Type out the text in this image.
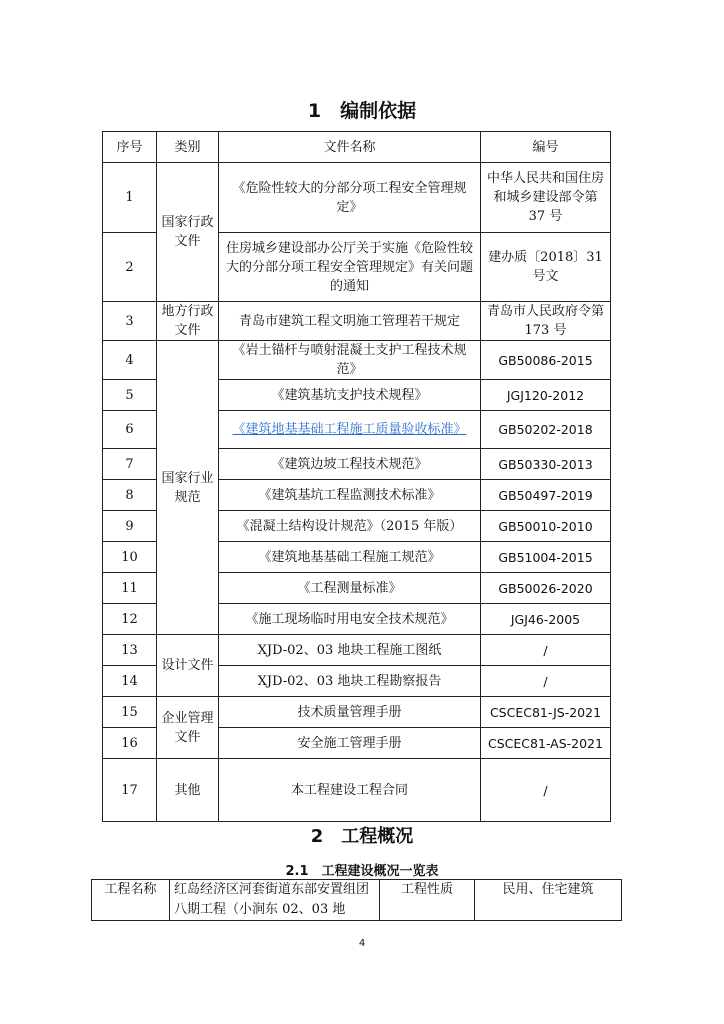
1　编制依据
序号	类别	文件名称	编号
1	国家行政文件	《危险性较大的分部分项工程安全管理规定》	中华人民共和国住房和城乡建设部令第 37 号
2		住房城乡建设部办公厅关于实施《危险性较大的分部分项工程安全管理规定》有关问题的通知	建办质〔2018〕31 号文
3	地方行政文件	青岛市建筑工程文明施工管理若干规定	青岛市人民政府令第 173 号
4	国家行业规范	《岩土锚杆与喷射混凝土支护工程技术规范》	GB50086-2015
5		《建筑基坑支护技术规程》	JGJ120-2012
6		《建筑地基基础工程施工质量验收标准》	GB50202-2018
7		《建筑边坡工程技术规范》	GB50330-2013
8		《建筑基坑工程监测技术标准》	GB50497-2019
9		《混凝土结构设计规范》（2015 年版）	GB50010-2010
10		《建筑地基基础工程施工规范》	GB51004-2015
11		《工程测量标准》	GB50026-2020
12		《施工现场临时用电安全技术规范》	JGJ46-2005
13	设计文件	XJD-02、03 地块工程施工图纸	/
14		XJD-02、03 地块工程勘察报告	/
15	企业管理文件	技术质量管理手册	CSCEC81-JS-2021
16		安全施工管理手册	CSCEC81-AS-2021
17	其他	本工程建设工程合同	/
2　工程概况
2.1　工程建设概况一览表
工程名称	红岛经济区河套街道东部安置组团八期工程（小涧东 02、03 地	工程性质	民用、住宅建筑
4
